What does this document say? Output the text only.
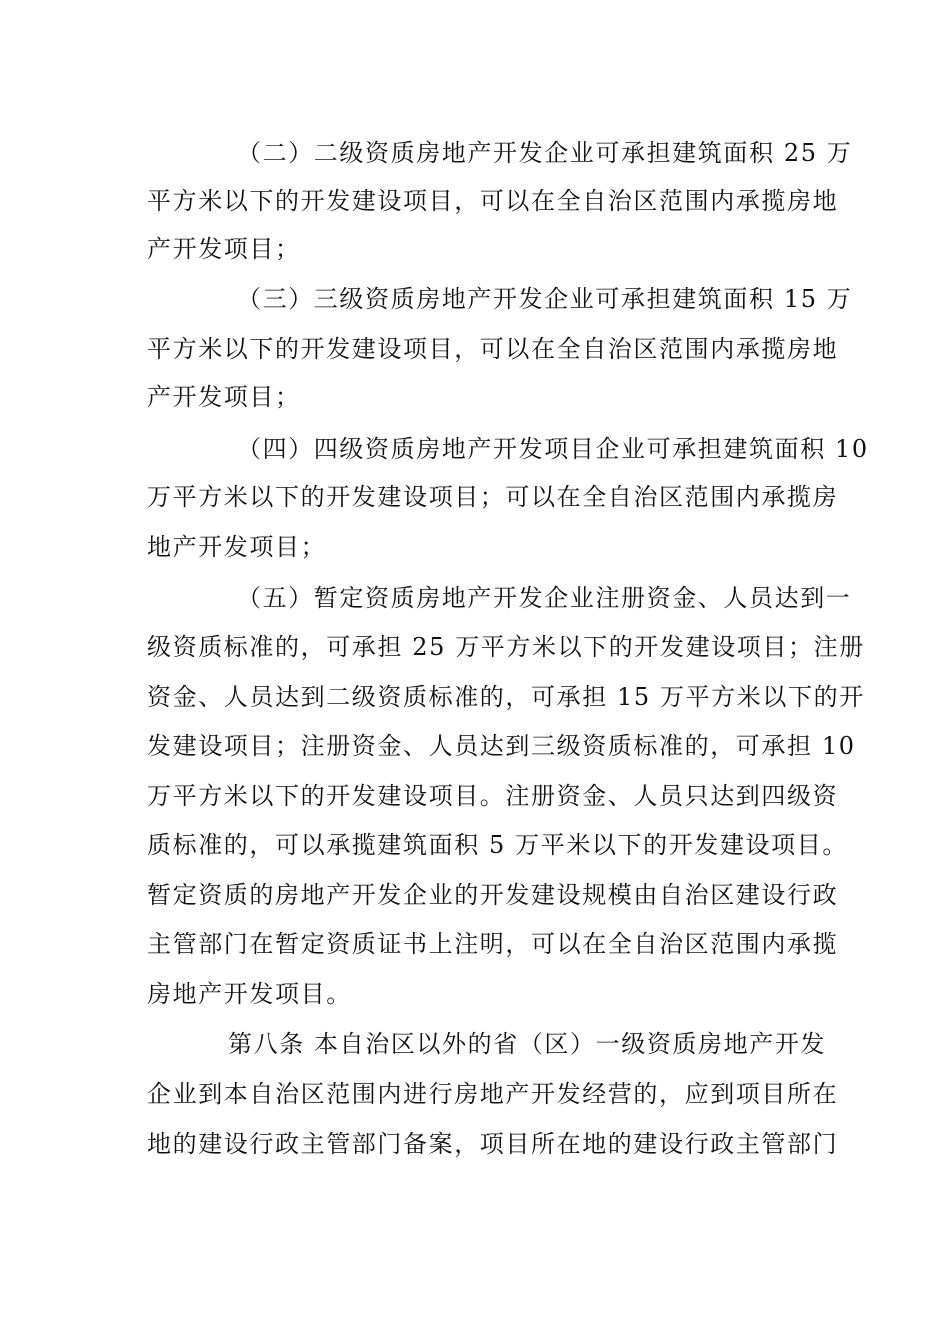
（二）二级资质房地产开发企业可承担建筑面积 25 万
平方米以下的开发建设项目，可以在全自治区范围内承揽房地
产开发项目；
（三）三级资质房地产开发企业可承担建筑面积 15 万
平方米以下的开发建设项目，可以在全自治区范围内承揽房地
产开发项目；
（四）四级资质房地产开发项目企业可承担建筑面积 10
万平方米以下的开发建设项目；可以在全自治区范围内承揽房
地产开发项目；
（五）暂定资质房地产开发企业注册资金、人员达到一
级资质标准的，可承担 25 万平方米以下的开发建设项目；注册
资金、人员达到二级资质标准的，可承担 15 万平方米以下的开
发建设项目；注册资金、人员达到三级资质标准的，可承担 10
万平方米以下的开发建设项目。注册资金、人员只达到四级资
质标准的，可以承揽建筑面积 5 万平米以下的开发建设项目。
暂定资质的房地产开发企业的开发建设规模由自治区建设行政
主管部门在暂定资质证书上注明，可以在全自治区范围内承揽
房地产开发项目。
第八条 本自治区以外的省（区）一级资质房地产开发
企业到本自治区范围内进行房地产开发经营的，应到项目所在
地的建设行政主管部门备案，项目所在地的建设行政主管部门
